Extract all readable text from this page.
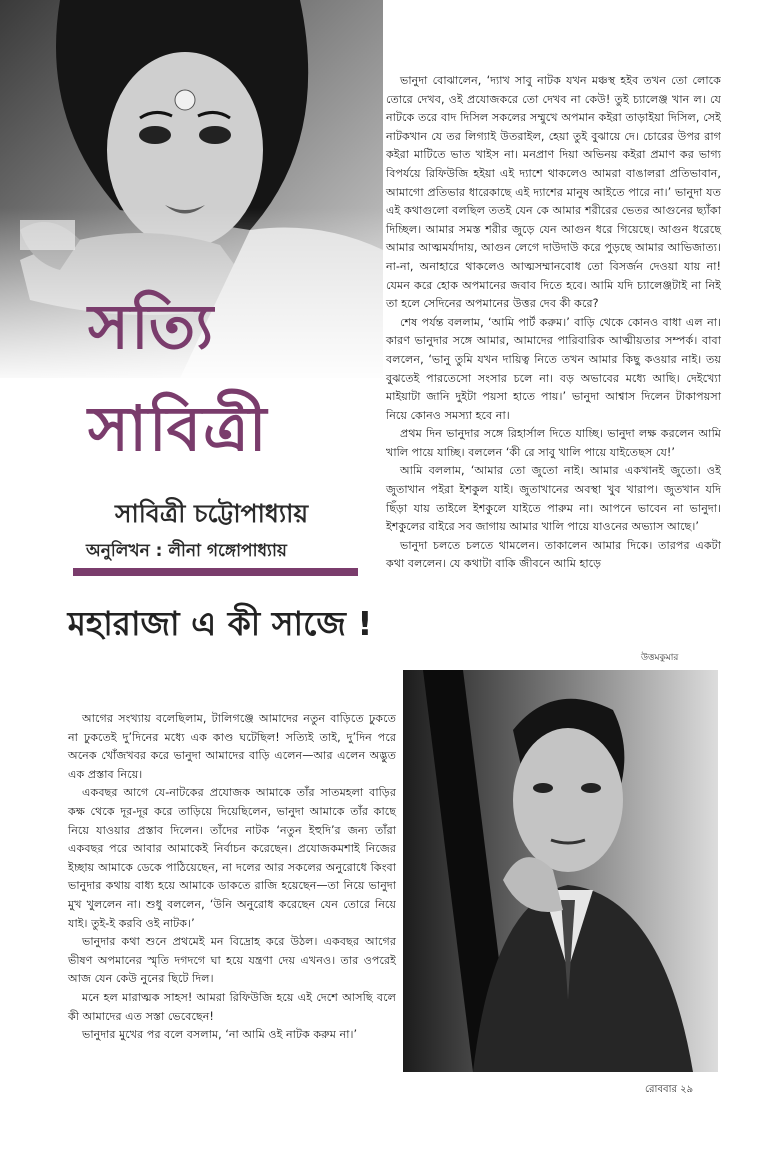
সত্যি
সাবিত্রী
সাবিত্রী চট্টোপাধ্যায়
অনুলিখন : লীনা গঙ্গোপাধ্যায়
মহারাজা এ কী সাজে !

আগের সংখ্যায় বলেছিলাম, টালিগঞ্জে আমাদের নতুন বাড়িতে ঢুকতে না ঢুকতেই দু’দিনের মধ্যে এক কাণ্ড ঘটেছিল! সত্যিই তাই, দু’দিন পরে অনেক খোঁজখবর করে ভানুদা আমাদের বাড়ি এলেন—আর এলেন অদ্ভুত এক প্রস্তাব নিয়ে।

একবছর আগে যে-নাটকের প্রযোজক আমাকে তাঁর সাতমহলা বাড়ির কক্ষ থেকে দূর-দূর করে তাড়িয়ে দিয়েছিলেন, ভানুদা আমাকে তাঁর কাছে নিয়ে যাওয়ার প্রস্তাব দিলেন। তাঁদের নাটক ‘নতুন ইহুদি’র জন্য তাঁরা একবছর পরে আবার আমাকেই নির্বাচন করেছেন। প্রযোজকমশাই নিজের ইচ্ছায় আমাকে ডেকে পাঠিয়েছেন, না দলের আর সকলের অনুরোধে কিংবা ভানুদার কথায় বাধ্য হয়ে আমাকে ডাকতে রাজি হয়েছেন—তা নিয়ে ভানুদা মুখ খুললেন না। শুধু বললেন, ‘উনি অনুরোধ করেছেন যেন তোরে নিয়ে যাই। তুই-ই করবি ওই নাটক।’

ভানুদার কথা শুনে প্রথমেই মন বিদ্রোহ করে উঠল। একবছর আগের ভীষণ অপমানের স্মৃতি দগদগে ঘা হয়ে যন্ত্রণা দেয় এখনও। তার ওপরেই আজ যেন কেউ নুনের ছিটে দিল।

মনে হল মারাত্মক সাহস! আমরা রিফিউজি হয়ে এই দেশে আসছি বলে কী আমাদের এত সস্তা ভেবেছেন!

ভানুদার মুখের পর বলে বসলাম, ‘না আমি ওই নাটক করুম না।’

ভানুদা বোঝালেন, ‘দ্যাখ সাবু নাটক যখন মঞ্চস্থ হইব তখন তো লোকে তোরে দেখব, ওই প্রযোজকরে তো দেখব না কেউ! তুই চ্যালেঞ্জ খান ল। যে নাটকে তরে বাদ দিসিল সকলের সম্মুখে অপমান কইরা তাড়াইয়া দিসিল, সেই নাটকখান যে তর লিগ্যাই উতরাইল, হেয়া তুই বুঝায়ে দে। চোরের উপর রাগ কইরা মাটিতে ভাত খাইস না। মনপ্রাণ দিয়া অভিনয় কইরা প্রমাণ কর ভাগ্য বিপর্যয়ে রিফিউজি হইয়া এই দ্যাশে থাকলেও আমরা বাঙালরা প্রতিভাবান, আমাগো প্রতিভার ধারেকাছে এই দ্যাশের মানুষ আইতে পারে না।’ ভানুদা যত এই কথাগুলো বলছিল ততই যেন কে আমার শরীরের ভেতর আগুনের ছ্যাঁকা দিচ্ছিল। আমার সমস্ত শরীর জুড়ে যেন আগুন ধরে গিয়েছে। আগুন ধরেছে আমার আত্মমর্যাদায়, আগুন লেগে দাউদাউ করে পুড়ছে আমার আভিজাত্য। না-না, অনাহারে থাকলেও আত্মসম্মানবোধ তো বিসর্জন দেওয়া যায় না! যেমন করে হোক অপমানের জবাব দিতে হবে। আমি যদি চ্যালেঞ্জটাই না নিই তা হলে সেদিনের অপমানের উত্তর দেব কী করে?

শেষ পর্যন্ত বললাম, ‘আমি পার্ট করুম।’ বাড়ি থেকে কোনও বাধা এল না। কারণ ভানুদার সঙ্গে আমার, আমাদের পারিবারিক আত্মীয়তার সম্পর্ক। বাবা বললেন, ‘ভানু তুমি যখন দায়িত্ব নিতে তখন আমার কিছু কওয়ার নাই। তয় বুঝতেই পারতেসো সংসার চলে না। বড় অভাবের মধ্যে আছি। দেইখ্যো মাইয়াটা জানি দুইটা পয়সা হাতে পায়।’ ভানুদা আশ্বাস দিলেন টাকাপয়সা নিয়ে কোনও সমস্যা হবে না।

প্রথম দিন ভানুদার সঙ্গে রিহার্সাল দিতে যাচ্ছি। ভানুদা লক্ষ করলেন আমি খালি পায়ে যাচ্ছি। বললেন ‘কী রে সাবু খালি পায়ে যাইতেছস যে!’

আমি বললাম, ‘আমার তো জুতো নাই। আমার একখানই জুতো। ওই জুতাখান পইরা ইশকুল যাই। জুতাখানের অবস্থা খুব খারাপ। জুতখান যদি ছিঁড়া যায় তাইলে ইশকুলে যাইতে পারুম না। আপনে ভাবেন না ভানুদা। ইশকুলের বাইরে সব জাগায় আমার খালি পায়ে যাওনের অভ্যাস আছে।’

ভানুদা চলতে চলতে থামলেন। তাকালেন আমার দিকে। তারপর একটা কথা বললেন। যে কথাটা বাকি জীবনে আমি হাড়ে

উত্তমকুমার
রোববার ২৯
